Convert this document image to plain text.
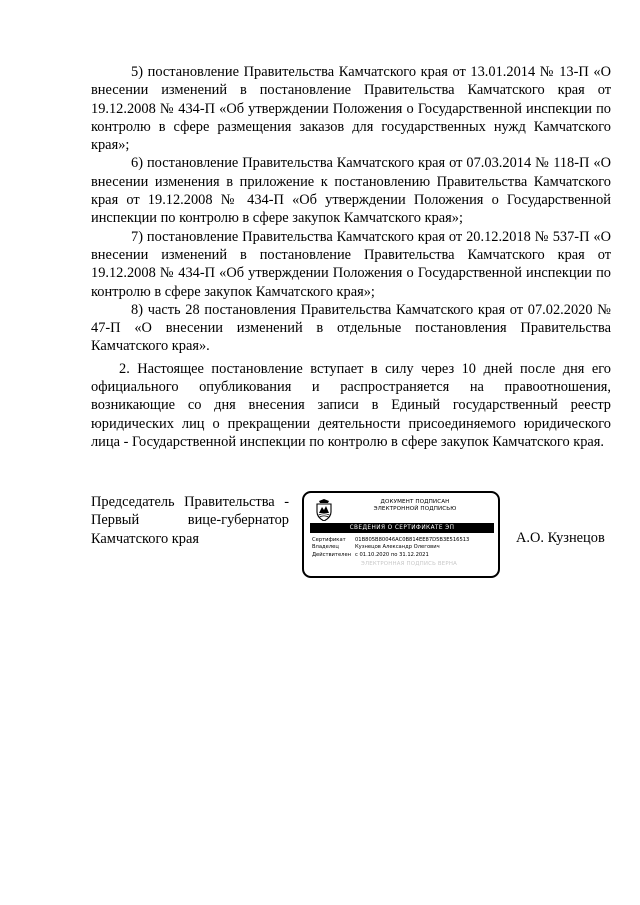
5) постановление Правительства Камчатского края от 13.01.2014 № 13-П «О внесении изменений в постановление Правительства Камчатского края от 19.12.2008 № 434-П «Об утверждении Положения о Государственной инспекции по контролю в сфере размещения заказов для государственных нужд Камчатского края»;

6) постановление Правительства Камчатского края от 07.03.2014 № 118-П «О внесении изменения в приложение к постановлению Правительства Камчатского края от 19.12.2008 № 434-П «Об утверждении Положения о Государственной инспекции по контролю в сфере закупок Камчатского края»;

7) постановление Правительства Камчатского края от 20.12.2018 № 537-П «О внесении изменений в постановление Правительства Камчатского края от 19.12.2008 № 434-П «Об утверждении Положения о Государственной инспекции по контролю в сфере закупок Камчатского края»;

8) часть 28 постановления Правительства Камчатского края от 07.02.2020 № 47-П «О внесении изменений в отдельные постановления Правительства Камчатского края».

2. Настоящее постановление вступает в силу через 10 дней после дня его официального опубликования и распространяется на правоотношения, возникающие со дня внесения записи в Единый государственный реестр юридических лиц о прекращении деятельности присоединяемого юридического лица - Государственной инспекции по контролю в сфере закупок Камчатского края.

Председатель Правительства -
Первый вице-губернатор
Камчатского края
ДОКУМЕНТ ПОДПИСАН
ЭЛЕКТРОННОЙ ПОДПИСЬЮ
СВЕДЕНИЯ О СЕРТИФИКАТЕ ЭП
Сертификат	01B805B80046AC0B814EE87D5B3E516513
Владелец	Кузнецов Александр Олегович
Действителен с 01.10.2020 по 31.12.2021
ЭЛЕКТРОННАЯ ПОДПИСЬ ВЕРНА
А.О. Кузнецов
